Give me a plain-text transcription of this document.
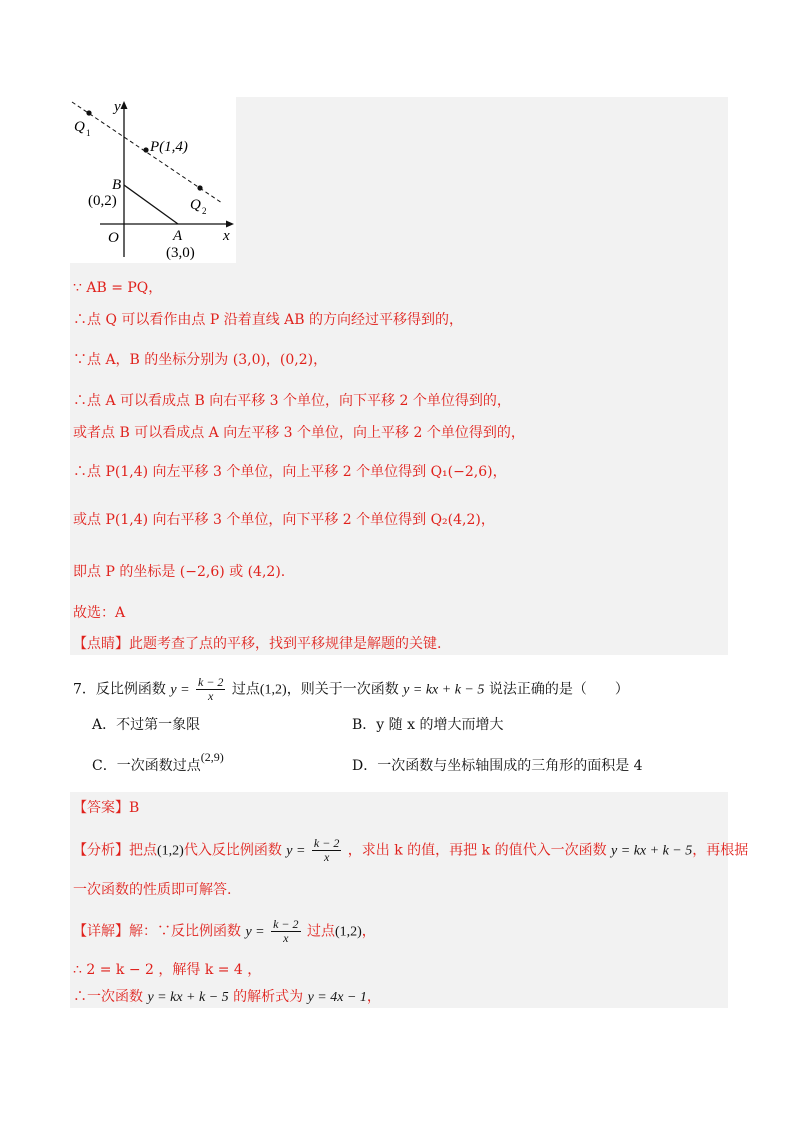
y
x
O
Q 1
P(1,4)
B
(0,2)	Q 2
A
(3,0)
∵ AB = PQ，
∴点 Q 可以看作由点 P 沿着直线 AB 的方向经过平移得到的，
∵点 A，B 的坐标分别为 (3,0)，(0,2)，
∴点 A 可以看成点 B 向右平移 3 个单位，向下平移 2 个单位得到的，
或者点 B 可以看成点 A 向左平移 3 个单位，向上平移 2 个单位得到的，
∴点 P(1,4) 向左平移 3 个单位，向上平移 2 个单位得到 Q₁(−2,6)，
或点 P(1,4) 向右平移 3 个单位，向下平移 2 个单位得到 Q₂(4,2)，
即点 P 的坐标是 (−2,6) 或 (4,2).
故选：A
【点睛】此题考查了点的平移，找到平移规律是解题的关键.
7．反比例函数 $y = \frac{k - 2}{x}$ 过点(1,2)，则关于一次函数 y = kx + k − 5 说法正确的是（　　）
A．不过第一象限	B．y 随 x 的增大而增大
C．一次函数过点(2,9)
D．一次函数与坐标轴围成的三角形的面积是 4
【答案】B
【分析】把点(1,2)代入反比例函数 $y = \frac{k - 2}{x}$ ，求出 k 的值，再把 k 的值代入一次函数 y = kx + k − 5，再根据
一次函数的性质即可解答.
【详解】解：∵反比例函数 $y = \frac{k - 2}{x}$ 过点(1,2)，
∴ 2 = k − 2 ，解得 k = 4 ，
∴一次函数 y = kx + k − 5 的解析式为 y = 4x − 1，
